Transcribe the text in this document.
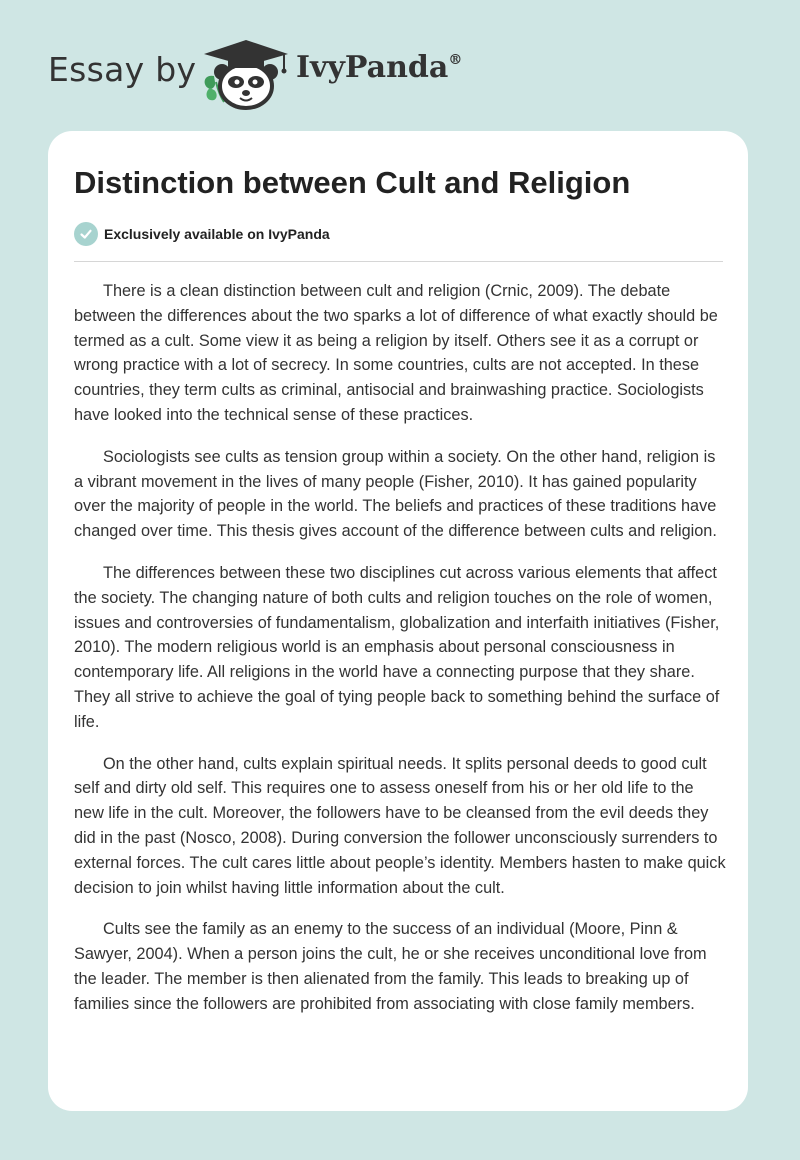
Essay by	IvyPanda®
Distinction between Cult and Religion
Exclusively available on IvyPanda

There is a clean distinction between cult and religion (Crnic, 2009). The debate between the differences about the two sparks a lot of difference of what exactly should be termed as a cult. Some view it as being a religion by itself. Others see it as a corrupt or wrong practice with a lot of secrecy. In some countries, cults are not accepted. In these countries, they term cults as criminal, antisocial and brainwashing practice. Sociologists have looked into the technical sense of these practices.

Sociologists see cults as tension group within a society. On the other hand, religion is a vibrant movement in the lives of many people (Fisher, 2010). It has gained popularity over the majority of people in the world. The beliefs and practices of these traditions have changed over time. This thesis gives account of the difference between cults and religion.

The differences between these two disciplines cut across various elements that affect the society. The changing nature of both cults and religion touches on the role of women, issues and controversies of fundamentalism, globalization and interfaith initiatives (Fisher, 2010). The modern religious world is an emphasis about personal consciousness in contemporary life. All religions in the world have a connecting purpose that they share. They all strive to achieve the goal of tying people back to something behind the surface of life.

On the other hand, cults explain spiritual needs. It splits personal deeds to good cult self and dirty old self. This requires one to assess oneself from his or her old life to the new life in the cult. Moreover, the followers have to be cleansed from the evil deeds they did in the past (Nosco, 2008). During conversion the follower unconsciously surrenders to external forces. The cult cares little about people’s identity. Members hasten to make quick decision to join whilst having little information about the cult.

Cults see the family as an enemy to the success of an individual (Moore, Pinn & Sawyer, 2004). When a person joins the cult, he or she receives unconditional love from the leader. The member is then alienated from the family. This leads to breaking up of families since the followers are prohibited from associating with close family members.
